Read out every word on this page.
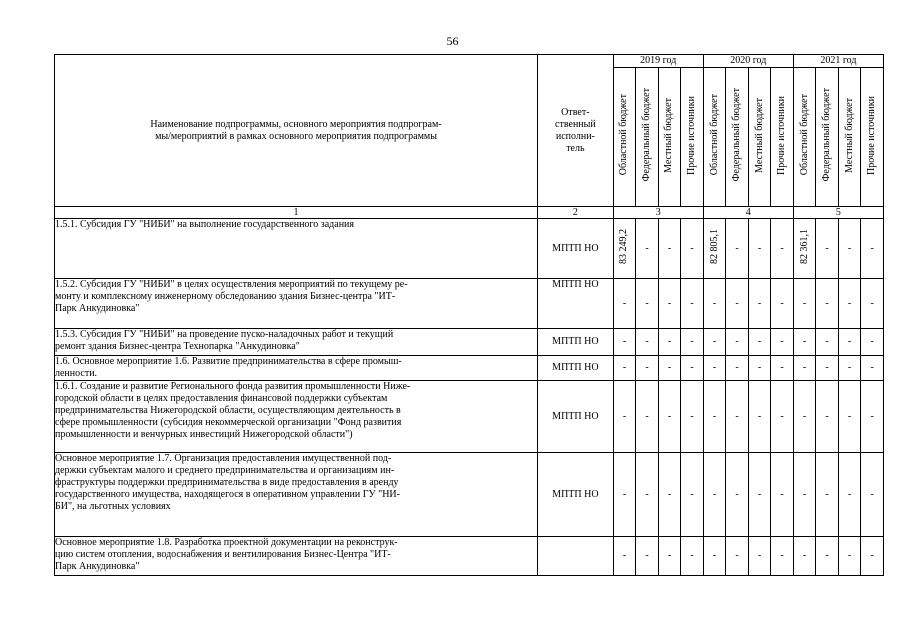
56
Наименование подпрограммы, основного мероприятия подпрограм-
мы/мероприятий в рамках основного мероприятия подпрограммы	Ответ-
ственный
исполни-
тель	2019 год				2020 год				2021 год			
		Областной бюджет	Федеральный бюджет	Местный бюджет	Прочие источники	Областной бюджет	Федеральный бюджет	Местный бюджет	Прочие источники	Областной бюджет	Федеральный бюджет	Местный бюджет	Прочие источники
1	2	3				4				5			
1.5.1. Субсидия ГУ "НИБИ" на выполнение государственного задания	МПТП НО	83 249,2	-	-	-	82 805,1	-	-	-	82 361,1	-	-	-
1.5.2. Субсидия ГУ "НИБИ" в целях осуществления мероприятий по текущему ре-
монту и комплексному инженерному обследованию здания Бизнес-центра "ИТ-
Парк Анкудиновка"	МПТП НО	-	-	-	-	-	-	-	-	-	-	-	-
1.5.3. Субсидия ГУ "НИБИ" на проведение пуско-наладочных работ и текущий
ремонт здания Бизнес-центра Технопарка "Анкудиновка"	МПТП НО	-	-	-	-	-	-	-	-	-	-	-	-
1.6. Основное мероприятие 1.6. Развитие предпринимательства в сфере промыш-
ленности.	МПТП НО	-	-	-	-	-	-	-	-	-	-	-	-
1.6.1. Создание и развитие Регионального фонда развития промышленности Ниже-
городской области в целях предоставления финансовой поддержки субъектам
предпринимательства Нижегородской области, осуществляющим деятельность в
сфере промышленности (субсидия некоммерческой организации "Фонд развития
промышленности и венчурных инвестиций Нижегородской области")	МПТП НО	-	-	-	-	-	-	-	-	-	-	-	-
Основное мероприятие 1.7. Организация предоставления имущественной под-
держки субъектам малого и среднего предпринимательства и организациям ин-
фраструктуры поддержки предпринимательства в виде предоставления в аренду
государственного имущества, находящегося в оперативном управлении ГУ "НИ-
БИ", на льготных условиях	МПТП НО	-	-	-	-	-	-	-	-	-	-	-	-
Основное мероприятие 1.8. Разработка проектной документации на реконструк-
цию систем отопления, водоснабжения и вентилирования Бизнес-Центра "ИТ-
Парк Анкудиновка"		-	-	-	-	-	-	-	-	-	-	-	-
